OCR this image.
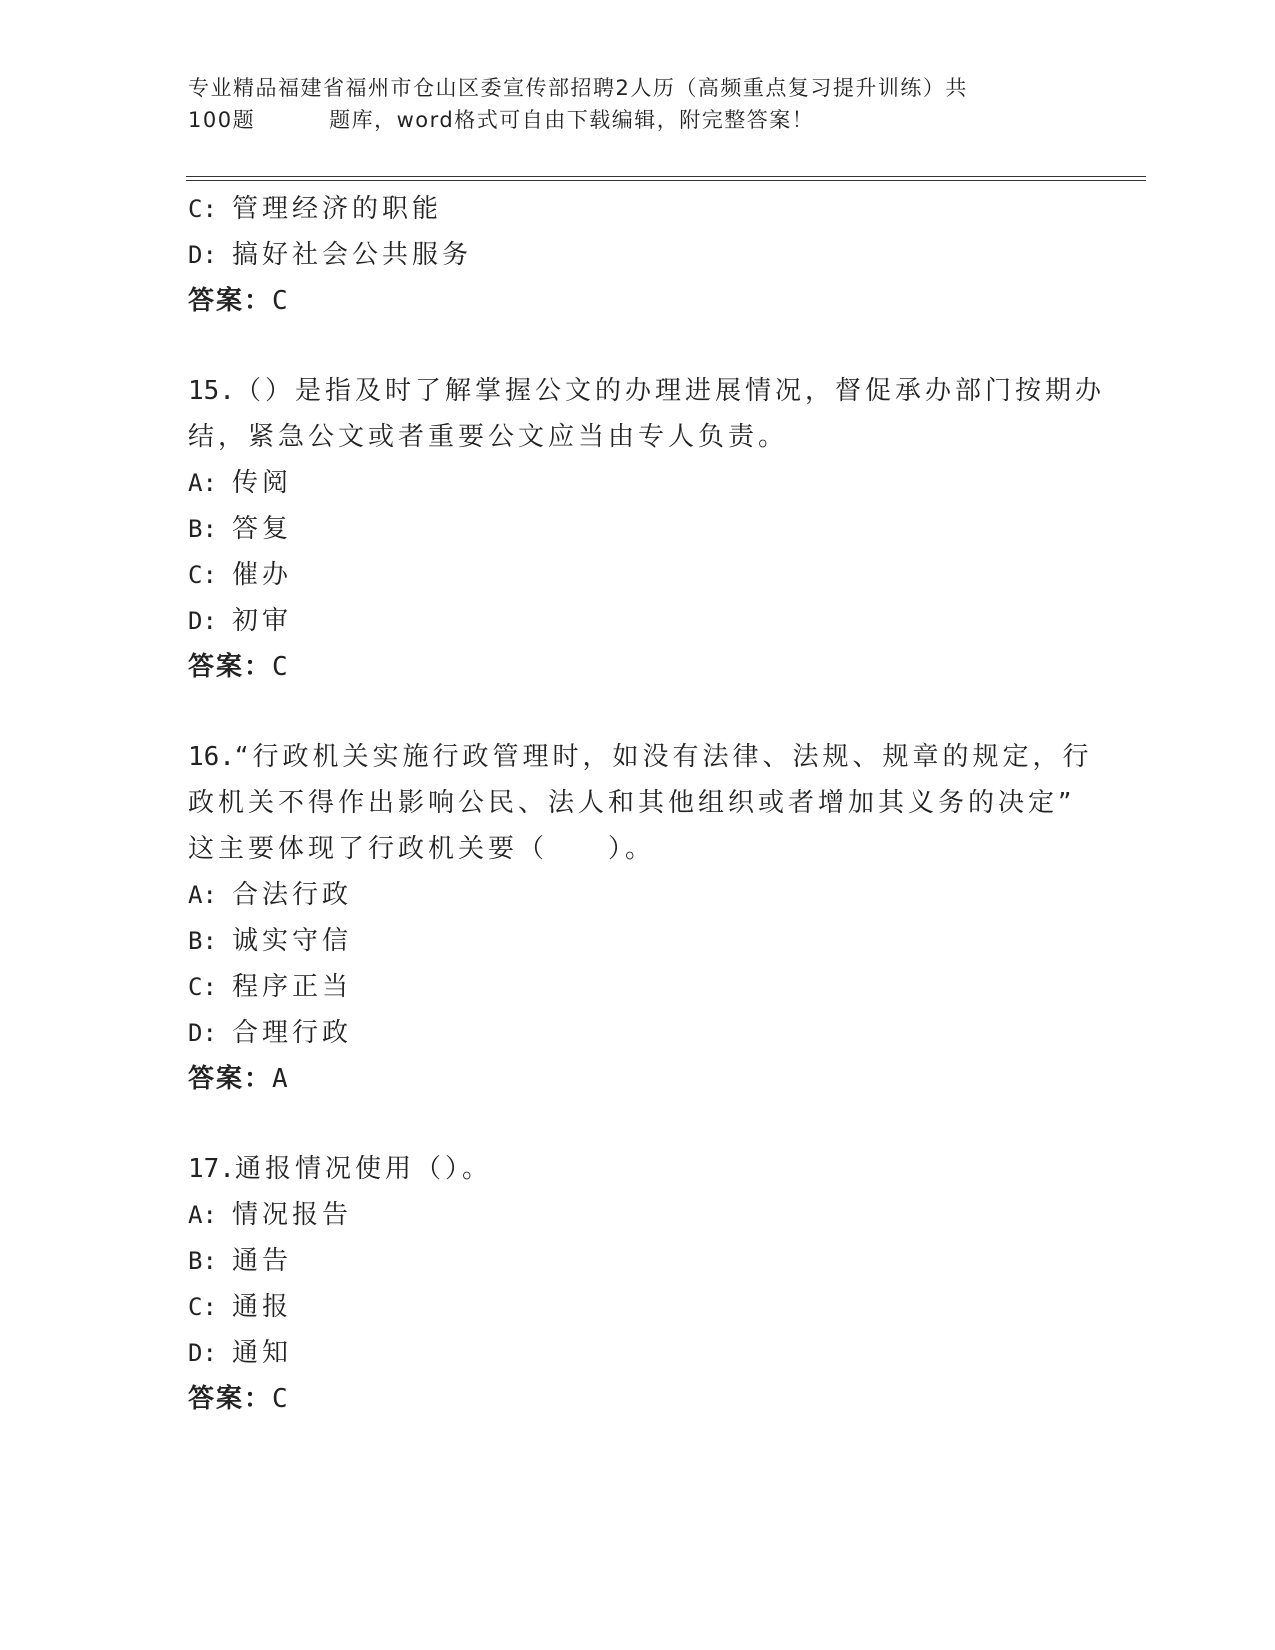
专业精品福建省福州市仓山区委宣传部招聘2人历（高频重点复习提升训练）共
100题	题库，word格式可自由下载编辑，附完整答案！
C: 管理经济的职能
D: 搞好社会公共服务
答案：C
15.（）是指及时了解掌握公文的办理进展情况，督促承办部门按期办
结，紧急公文或者重要公文应当由专人负责。
A: 传阅
B: 答复
C: 催办
D: 初审
答案：C
16.“行政机关实施行政管理时，如没有法律、法规、规章的规定，行
政机关不得作出影响公民、法人和其他组织或者增加其义务的决定”
这主要体现了行政机关要（　　）。
A: 合法行政
B: 诚实守信
C: 程序正当
D: 合理行政
答案：A
17.通报情况使用（）。
A: 情况报告
B: 通告
C: 通报
D: 通知
答案：C
